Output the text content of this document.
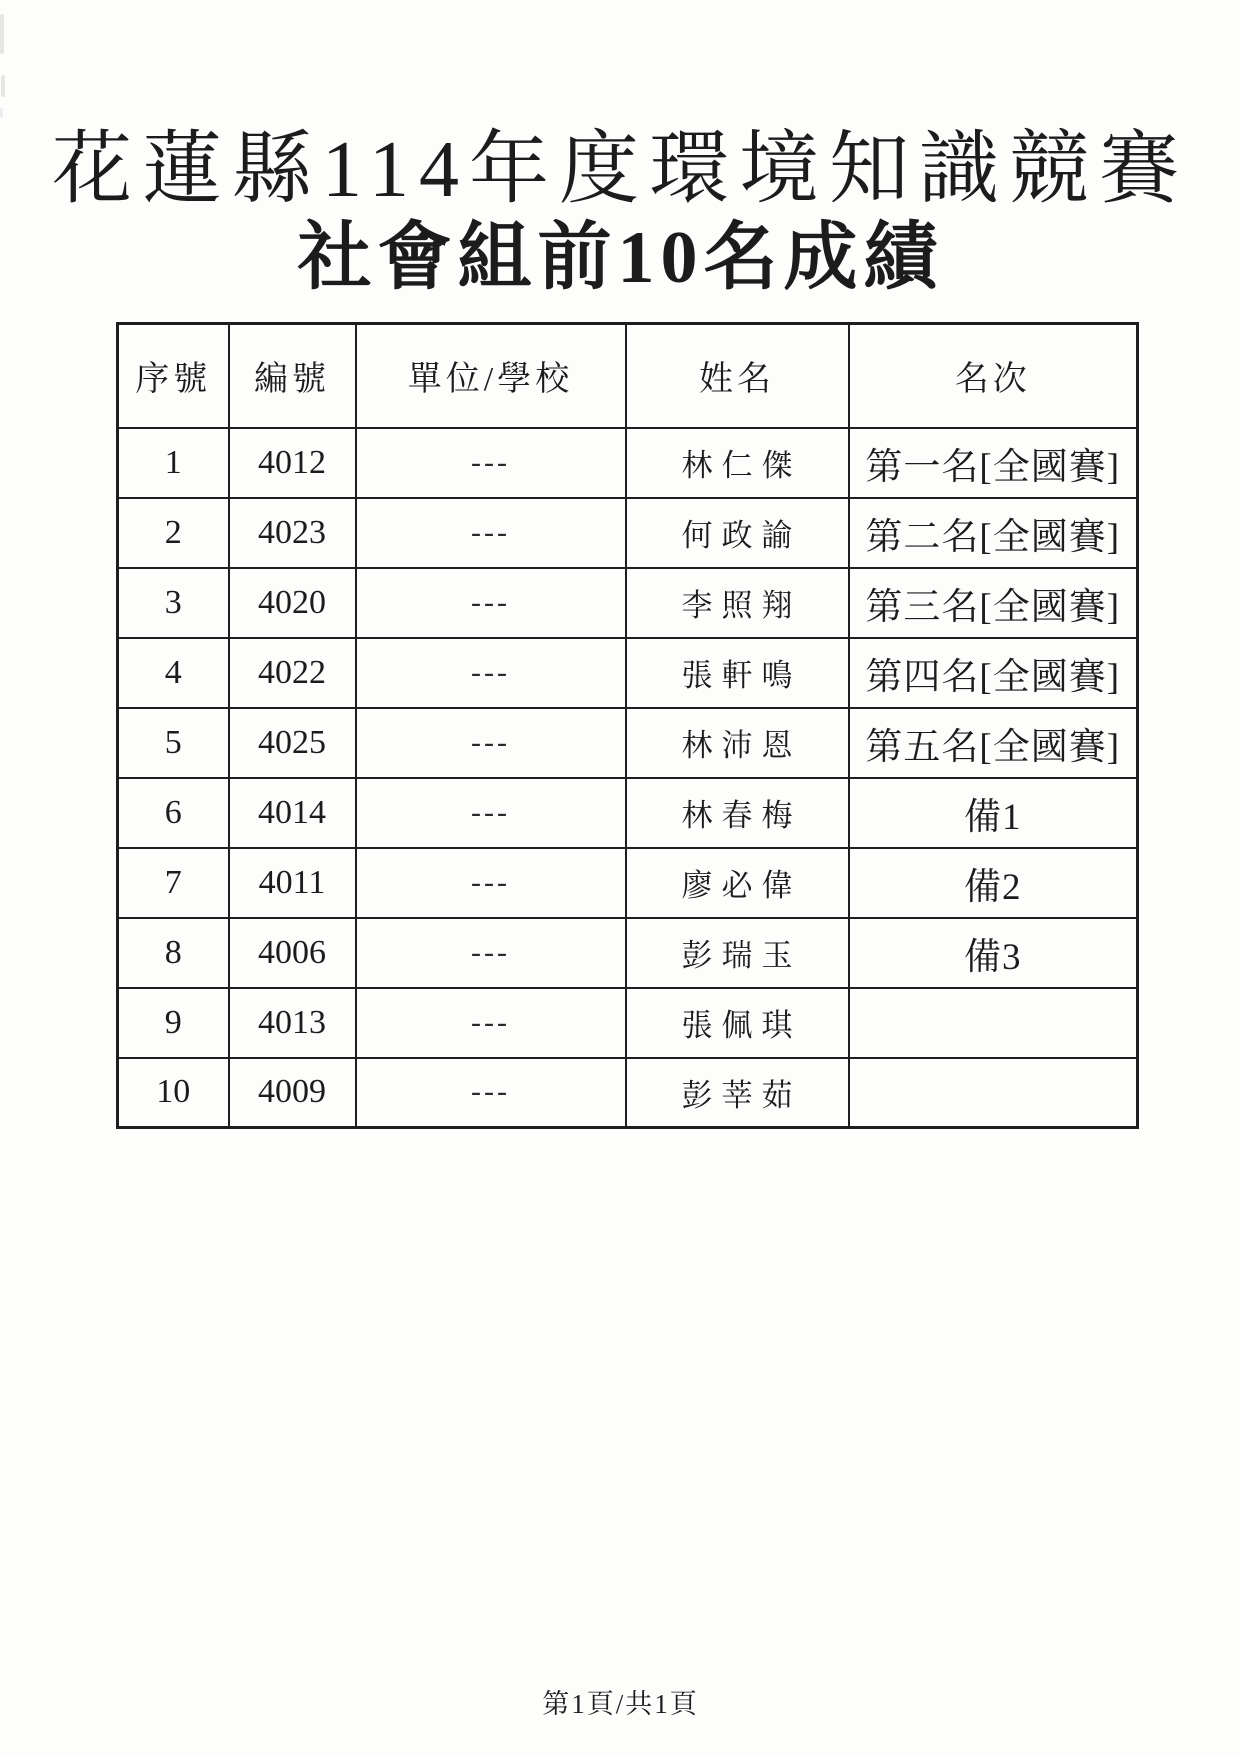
花蓮縣114年度環境知識競賽
社會組前10名成績
序號	編號	單位/學校	姓名	名次
1	4012	---	林仁傑	第一名[全國賽]
2	4023	---	何政諭	第二名[全國賽]
3	4020	---	李照翔	第三名[全國賽]
4	4022	---	張軒鳴	第四名[全國賽]
5	4025	---	林沛恩	第五名[全國賽]
6	4014	---	林春梅	備1
7	4011	---	廖必偉	備2
8	4006	---	彭瑞玉	備3
9	4013	---	張佩琪	
10	4009	---	彭莘茹	
第1頁/共1頁
